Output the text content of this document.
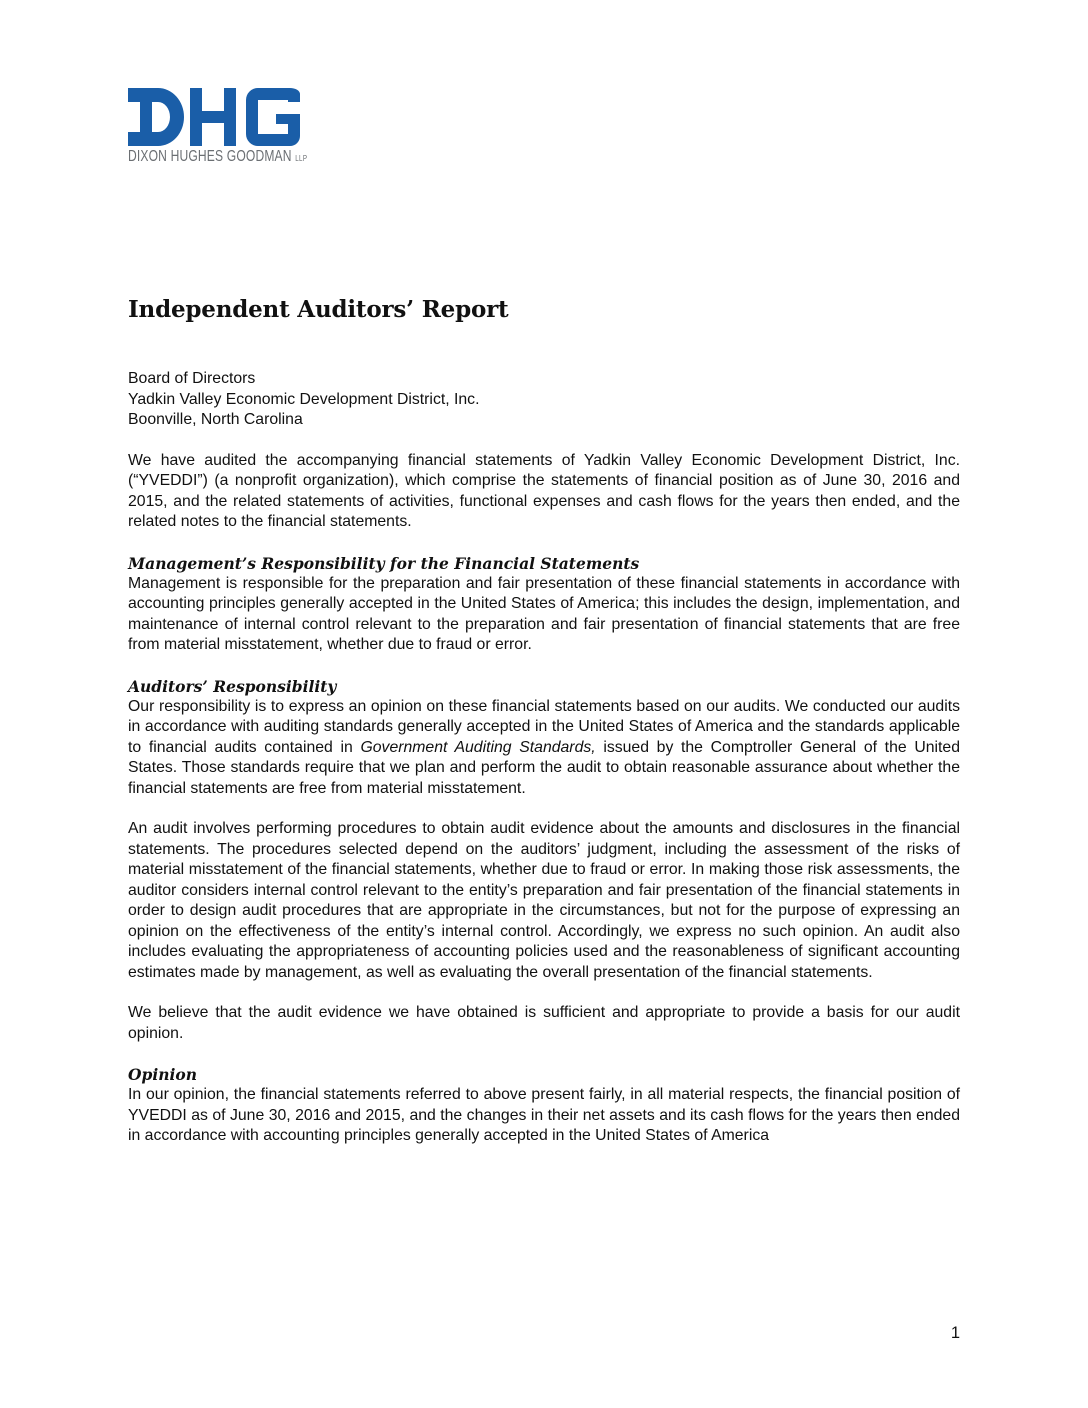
DIXON HUGHES GOODMAN LLP
Independent Auditors’ Report
Board of Directors
Yadkin Valley Economic Development District, Inc.
Boonville, North Carolina

We have audited the accompanying financial statements of Yadkin Valley Economic Development District, Inc. (“YVEDDI”) (a nonprofit organization), which comprise the statements of financial position as of June 30, 2016 and 2015, and the related statements of activities, functional expenses and cash flows for the years then ended, and the related notes to the financial statements.

Management’s Responsibility for the Financial Statements

Management is responsible for the preparation and fair presentation of these financial statements in accordance with accounting principles generally accepted in the United States of America; this includes the design, implementation, and maintenance of internal control relevant to the preparation and fair presentation of financial statements that are free from material misstatement, whether due to fraud or error.

Auditors’ Responsibility

Our responsibility is to express an opinion on these financial statements based on our audits. We conducted our audits in accordance with auditing standards generally accepted in the United States of America and the standards applicable to financial audits contained in Government Auditing Standards, issued by the Comptroller General of the United States. Those standards require that we plan and perform the audit to obtain reasonable assurance about whether the financial statements are free from material misstatement.

An audit involves performing procedures to obtain audit evidence about the amounts and disclosures in the financial statements. The procedures selected depend on the auditors’ judgment, including the assessment of the risks of material misstatement of the financial statements, whether due to fraud or error. In making those risk assessments, the auditor considers internal control relevant to the entity’s preparation and fair presentation of the financial statements in order to design audit procedures that are appropriate in the circumstances, but not for the purpose of expressing an opinion on the effectiveness of the entity’s internal control. Accordingly, we express no such opinion. An audit also includes evaluating the appropriateness of accounting policies used and the reasonableness of significant accounting estimates made by management, as well as evaluating the overall presentation of the financial statements.

We believe that the audit evidence we have obtained is sufficient and appropriate to provide a basis for our audit opinion.

Opinion

In our opinion, the financial statements referred to above present fairly, in all material respects, the financial position of YVEDDI as of June 30, 2016 and 2015, and the changes in their net assets and its cash flows for the years then ended in accordance with accounting principles generally accepted in the United States of America

1
